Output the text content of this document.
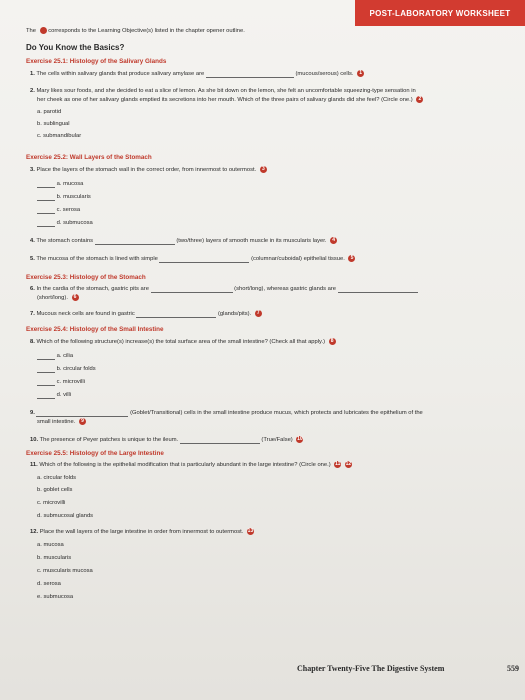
POST-LABORATORY WORKSHEET
The corresponds to the Learning Objective(s) listed in the chapter opener outline.
Do You Know the Basics?
Exercise 25.1: Histology of the Salivary Glands
1. The cells within salivary glands that produce salivary amylase are	(mucous/serous) cells. 1
2. Mary likes sour foods, and she decided to eat a slice of lemon. As she bit down on the lemon, she felt an uncomfortable squeezing-type sensation in
her cheek as one of her salivary glands emptied its secretions into her mouth. Which of the three pairs of salivary glands did she feel? (Circle one.) 2
a. parotid
b. sublingual
c. submandibular
Exercise 25.2: Wall Layers of the Stomach
3. Place the layers of the stomach wall in the correct order, from innermost to outermost. 3
a. mucosa
b. muscularis
c. serosa
d. submucosa
4. The stomach contains	(two/three) layers of smooth muscle in its muscularis layer. 4
5. The mucosa of the stomach is lined with simple	(columnar/cuboidal) epithelial tissue. 5
Exercise 25.3: Histology of the Stomach
6. In the cardia of the stomach, gastric pits are	(short/long), whereas gastric glands are
(short/long). 6
7. Mucous neck cells are found in gastric	(glands/pits). 7
Exercise 25.4: Histology of the Small Intestine
8. Which of the following structure(s) increase(s) the total surface area of the small intestine? (Check all that apply.) 8
a. cilia
b. circular folds
c. microvilli
d. villi
9.	(Goblet/Transitional) cells in the small intestine produce mucus, which protects and lubricates the epithelium of the
small intestine. 9
10. The presence of Peyer patches is unique to the ileum.	(True/False) 10
Exercise 25.5: Histology of the Large Intestine
11. Which of the following is the epithelial modification that is particularly abundant in the large intestine? (Circle one.) 11 12
a. circular folds
b. goblet cells
c. microvilli
d. submucosal glands
12. Place the wall layers of the large intestine in order from innermost to outermost. 13
a. mucosa
b. muscularis
c. muscularis mucosa
d. serosa
e. submucosa
Chapter Twenty-Five The Digestive System	559
